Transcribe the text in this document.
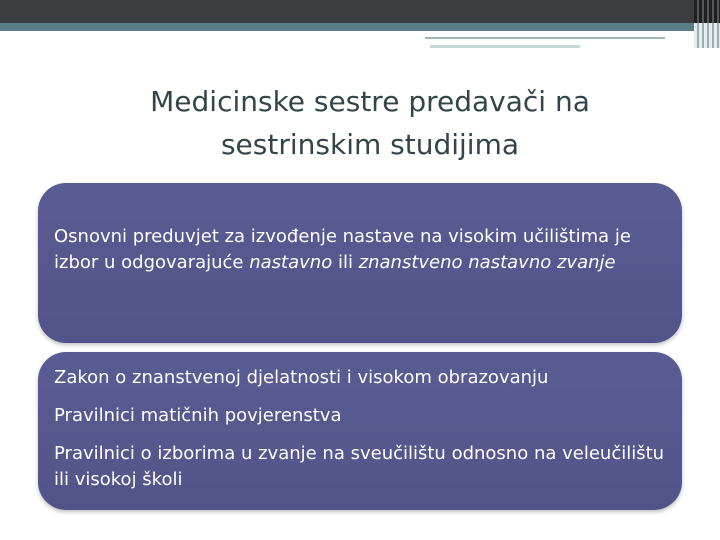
Medicinske sestre predavači na sestrinskim studijima

Osnovni preduvjet za izvođenje nastave na visokim učilištima je izbor u odgovarajuće nastavno ili znanstveno nastavno zvanje

Zakon o znanstvenoj djelatnosti i visokom obrazovanju

Pravilnici matičnih povjerenstva

Pravilnici o izborima u zvanje na sveučilištu odnosno na veleučilištu ili visokoj školi
